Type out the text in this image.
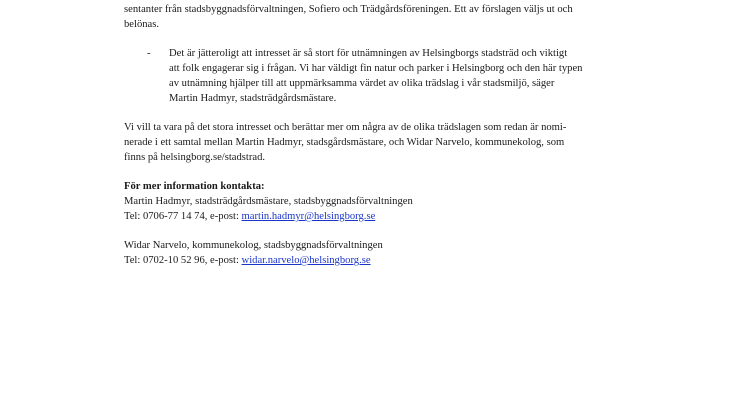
sentanter från stadsbyggnadsförvaltningen, Sofiero och Trädgårdsföreningen. Ett av förslagen väljs ut och
belönas.

- Det är jätteroligt att intresset är så stort för utnämningen av Helsingborgs stadsträd och viktigt
att folk engagerar sig i frågan. Vi har väldigt fin natur och parker i Helsingborg och den här typen
av utnämning hjälper till att uppmärksamma värdet av olika trädslag i vår stadsmiljö, säger
Martin Hadmyr, stadsträdgårdsmästare.

Vi vill ta vara på det stora intresset och berättar mer om några av de olika trädslagen som redan är nomi-
nerade i ett samtal mellan Martin Hadmyr, stadsgårdsmästare, och Widar Narvelo, kommunekolog, som
finns på helsingborg.se/stadstrad.

För mer information kontakta:
Martin Hadmyr, stadsträdgårdsmästare, stadsbyggnadsförvaltningen
Tel: 0706-77 14 74, e-post: martin.hadmyr@helsingborg.se

Widar Narvelo, kommunekolog, stadsbyggnadsförvaltningen
Tel: 0702-10 52 96, e-post: widar.narvelo@helsingborg.se
